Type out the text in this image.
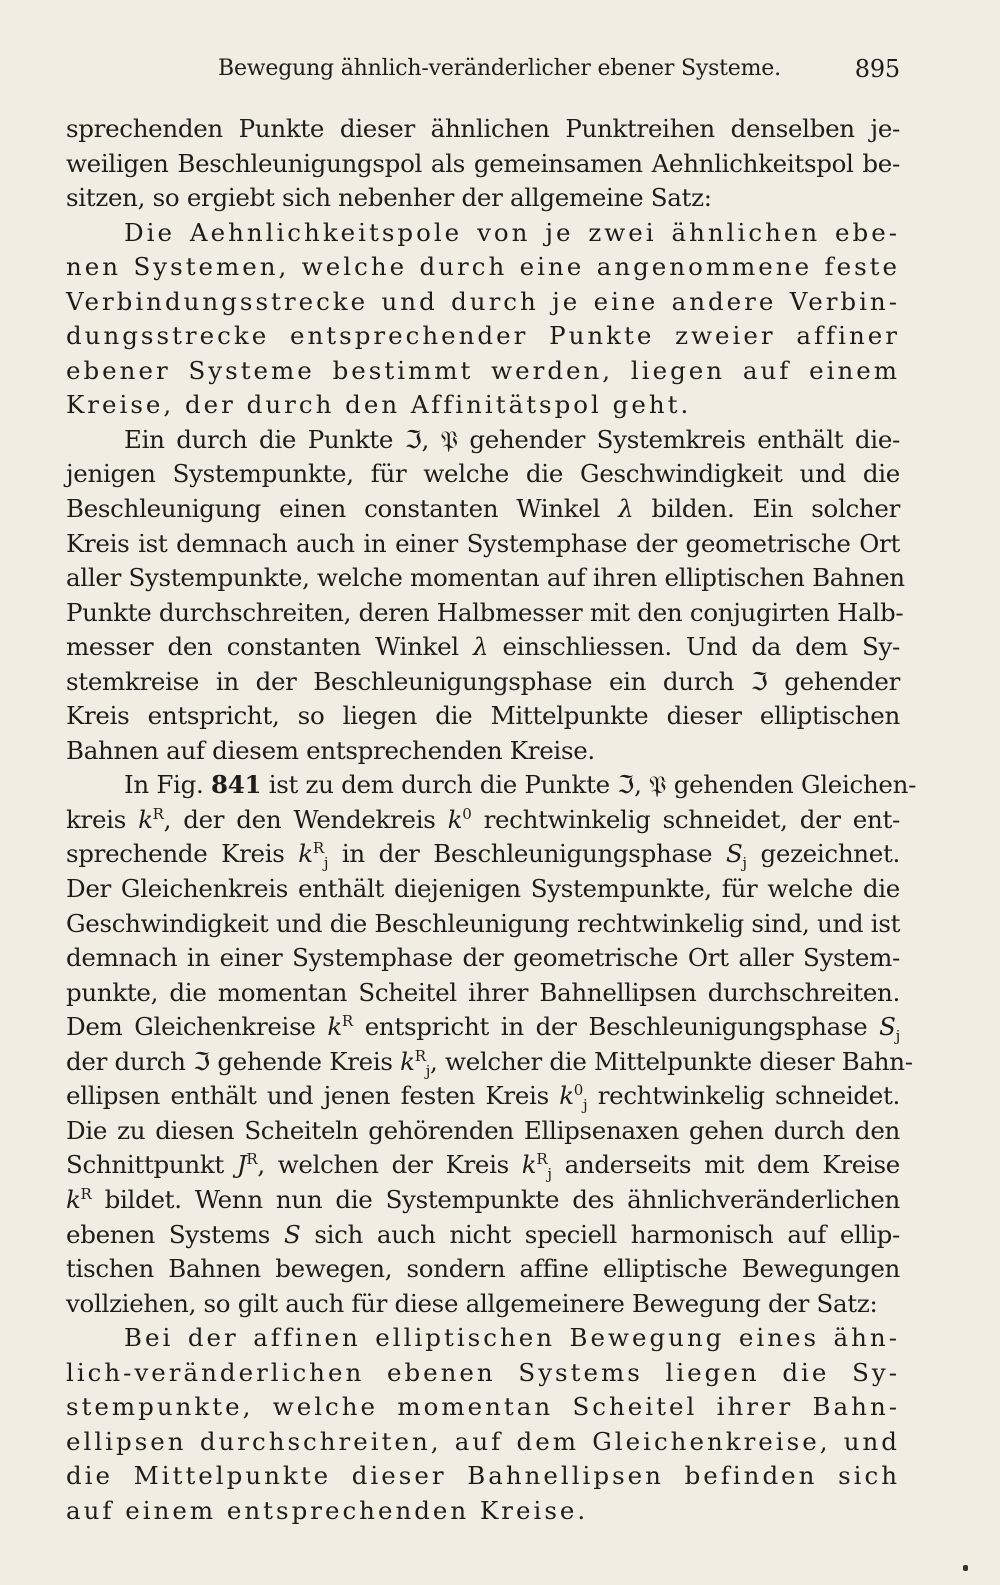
Bewegung ähnlich-veränderlicher ebener Systeme.	895
sprechenden Punkte dieser ähnlichen Punktreihen denselben je-
weiligen Beschleunigungspol als gemeinsamen Aehnlichkeitspol be-
sitzen, so ergiebt sich nebenher der allgemeine Satz:
Die Aehnlichkeitspole von je zwei ähnlichen ebe-
nen Systemen, welche durch eine angenommene feste
Verbindungsstrecke und durch je eine andere Verbin-
dungsstrecke entsprechender Punkte zweier affiner
ebener Systeme bestimmt werden, liegen auf einem
Kreise, der durch den Affinitätspol geht.
Ein durch die Punkte ℑ, 𝔓 gehender Systemkreis enthält die-
jenigen Systempunkte, für welche die Geschwindigkeit und die
Beschleunigung einen constanten Winkel λ bilden. Ein solcher
Kreis ist demnach auch in einer Systemphase der geometrische Ort
aller Systempunkte, welche momentan auf ihren elliptischen Bahnen
Punkte durchschreiten, deren Halbmesser mit den conjugirten Halb-
messer den constanten Winkel λ einschliessen. Und da dem Sy-
stemkreise in der Beschleunigungsphase ein durch ℑ gehender
Kreis entspricht, so liegen die Mittelpunkte dieser elliptischen
Bahnen auf diesem entsprechenden Kreise.
In Fig. 841 ist zu dem durch die Punkte ℑ, 𝔓 gehenden Gleichen-
kreis $k^R$, der den Wendekreis $k^0$ rechtwinkelig schneidet, der ent-
sprechende Kreis $k^R_j$ in der Beschleunigungsphase $S_j$ gezeichnet.
Der Gleichenkreis enthält diejenigen Systempunkte, für welche die
Geschwindigkeit und die Beschleunigung rechtwinkelig sind, und ist
demnach in einer Systemphase der geometrische Ort aller System-
punkte, die momentan Scheitel ihrer Bahnellipsen durchschreiten.
Dem Gleichenkreise $k^R$ entspricht in der Beschleunigungsphase $S_j$
der durch ℑ gehende Kreis $k^R_j$, welcher die Mittelpunkte dieser Bahn-
ellipsen enthält und jenen festen Kreis $k^0_j$ rechtwinkelig schneidet.
Die zu diesen Scheiteln gehörenden Ellipsenaxen gehen durch den
Schnittpunkt $J^R$, welchen der Kreis $k^R_j$ anderseits mit dem Kreise
$k^R$ bildet. Wenn nun die Systempunkte des ähnlichveränderlichen
ebenen Systems S sich auch nicht speciell harmonisch auf ellip-
tischen Bahnen bewegen, sondern affine elliptische Bewegungen
vollziehen, so gilt auch für diese allgemeinere Bewegung der Satz:
Bei der affinen elliptischen Bewegung eines ähn-
lich-veränderlichen ebenen Systems liegen die Sy-
stempunkte, welche momentan Scheitel ihrer Bahn-
ellipsen durchschreiten, auf dem Gleichenkreise, und
die Mittelpunkte dieser Bahnellipsen befinden sich
auf einem entsprechenden Kreise.
